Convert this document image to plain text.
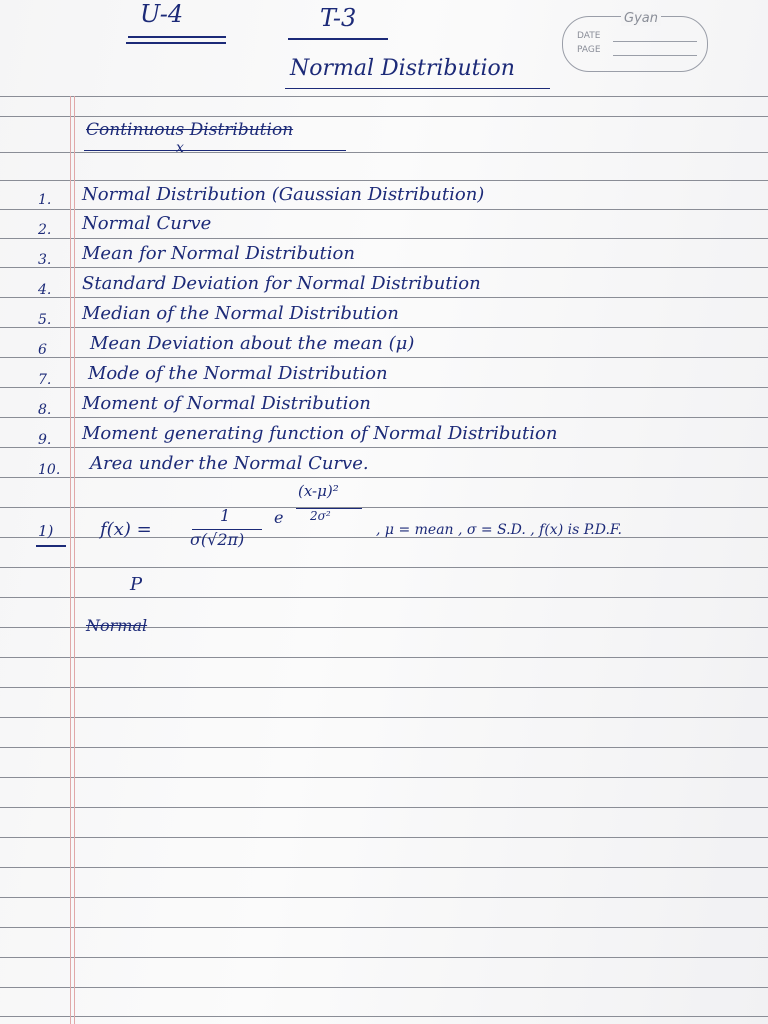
U-4	T-3	Gyan
DATE
PAGE
Normal Distribution
Continuous Distribution
x
1. Normal Distribution (Gaussian Distribution)
2. Normal Curve
3. Mean for Normal Distribution
4. Standard Deviation for Normal Distribution
5. Median of the Normal Distribution
6 Mean Deviation about the mean (μ)
7. Mode of the Normal Distribution
8. Moment of Normal Distribution
9. Moment generating function of Normal Distribution
10. Area under the Normal Curve.
1)	f(x) =
1
σ(√2π)
e
(x-μ)²
2σ²
, μ = mean , σ = S.D. , f(x) is P.D.F.
P
Normal
